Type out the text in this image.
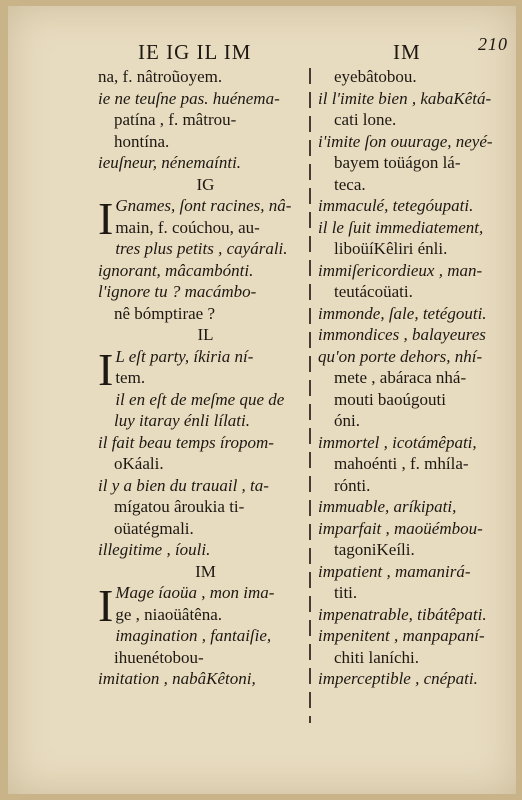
IE IG IL IM	IM	210
na, f. nâtroũoyem.
ie ne teuſne pas. huénema-
patína , f. mâtrou-
hontína.
ieuſneur, nénemaínti.
IG
I Gnames, ſont racines, nâ-
main, f. coúchou, au-
tres plus petits , cayárali.
ignorant, mâcambónti.
l'ignore tu ? macámbo-
nê bómptirae ?
IL
I L eſt party, íkiria ní-
tem.
il en eſt de meſme que de
luy itaray énli lílati.
il fait beau temps íropom-
oKáali.
il y a bien du trauail , ta-
mígatou âroukia ti-
oüatégmali.
illegitime , íouli.
IM
I Mage íaoüa , mon ima-
ge , niaoüâtêna.
imagination , fantaiſie,
ihuenétobou-
imitation , nabâKêtoni,
eyebâtobou.
il l'imite bien , kabaKêtá-
cati lone.
i'imite ſon ouurage, neyé-
bayem toüágon lá-
teca.
immaculé, tetegóupati.
il le ſuit immediatement,
liboüíKêliri énli.
immiſericordieux , man-
teutácoüati.
immonde, ſale, tetégouti.
immondices , balayeures
qu'on porte dehors, nhí-
mete , abáraca nhá-
mouti baoúgouti
óni.
immortel , icotámêpati,
mahoénti , f. mhíla-
rónti.
immuable, aríkipati,
imparfait , maoüémbou-
tagoniKeíli.
impatient , mamanirá-
titi.
impenatrable, tibátêpati.
impenitent , manpapaní-
chiti laníchi.
imperceptible , cnépati.
